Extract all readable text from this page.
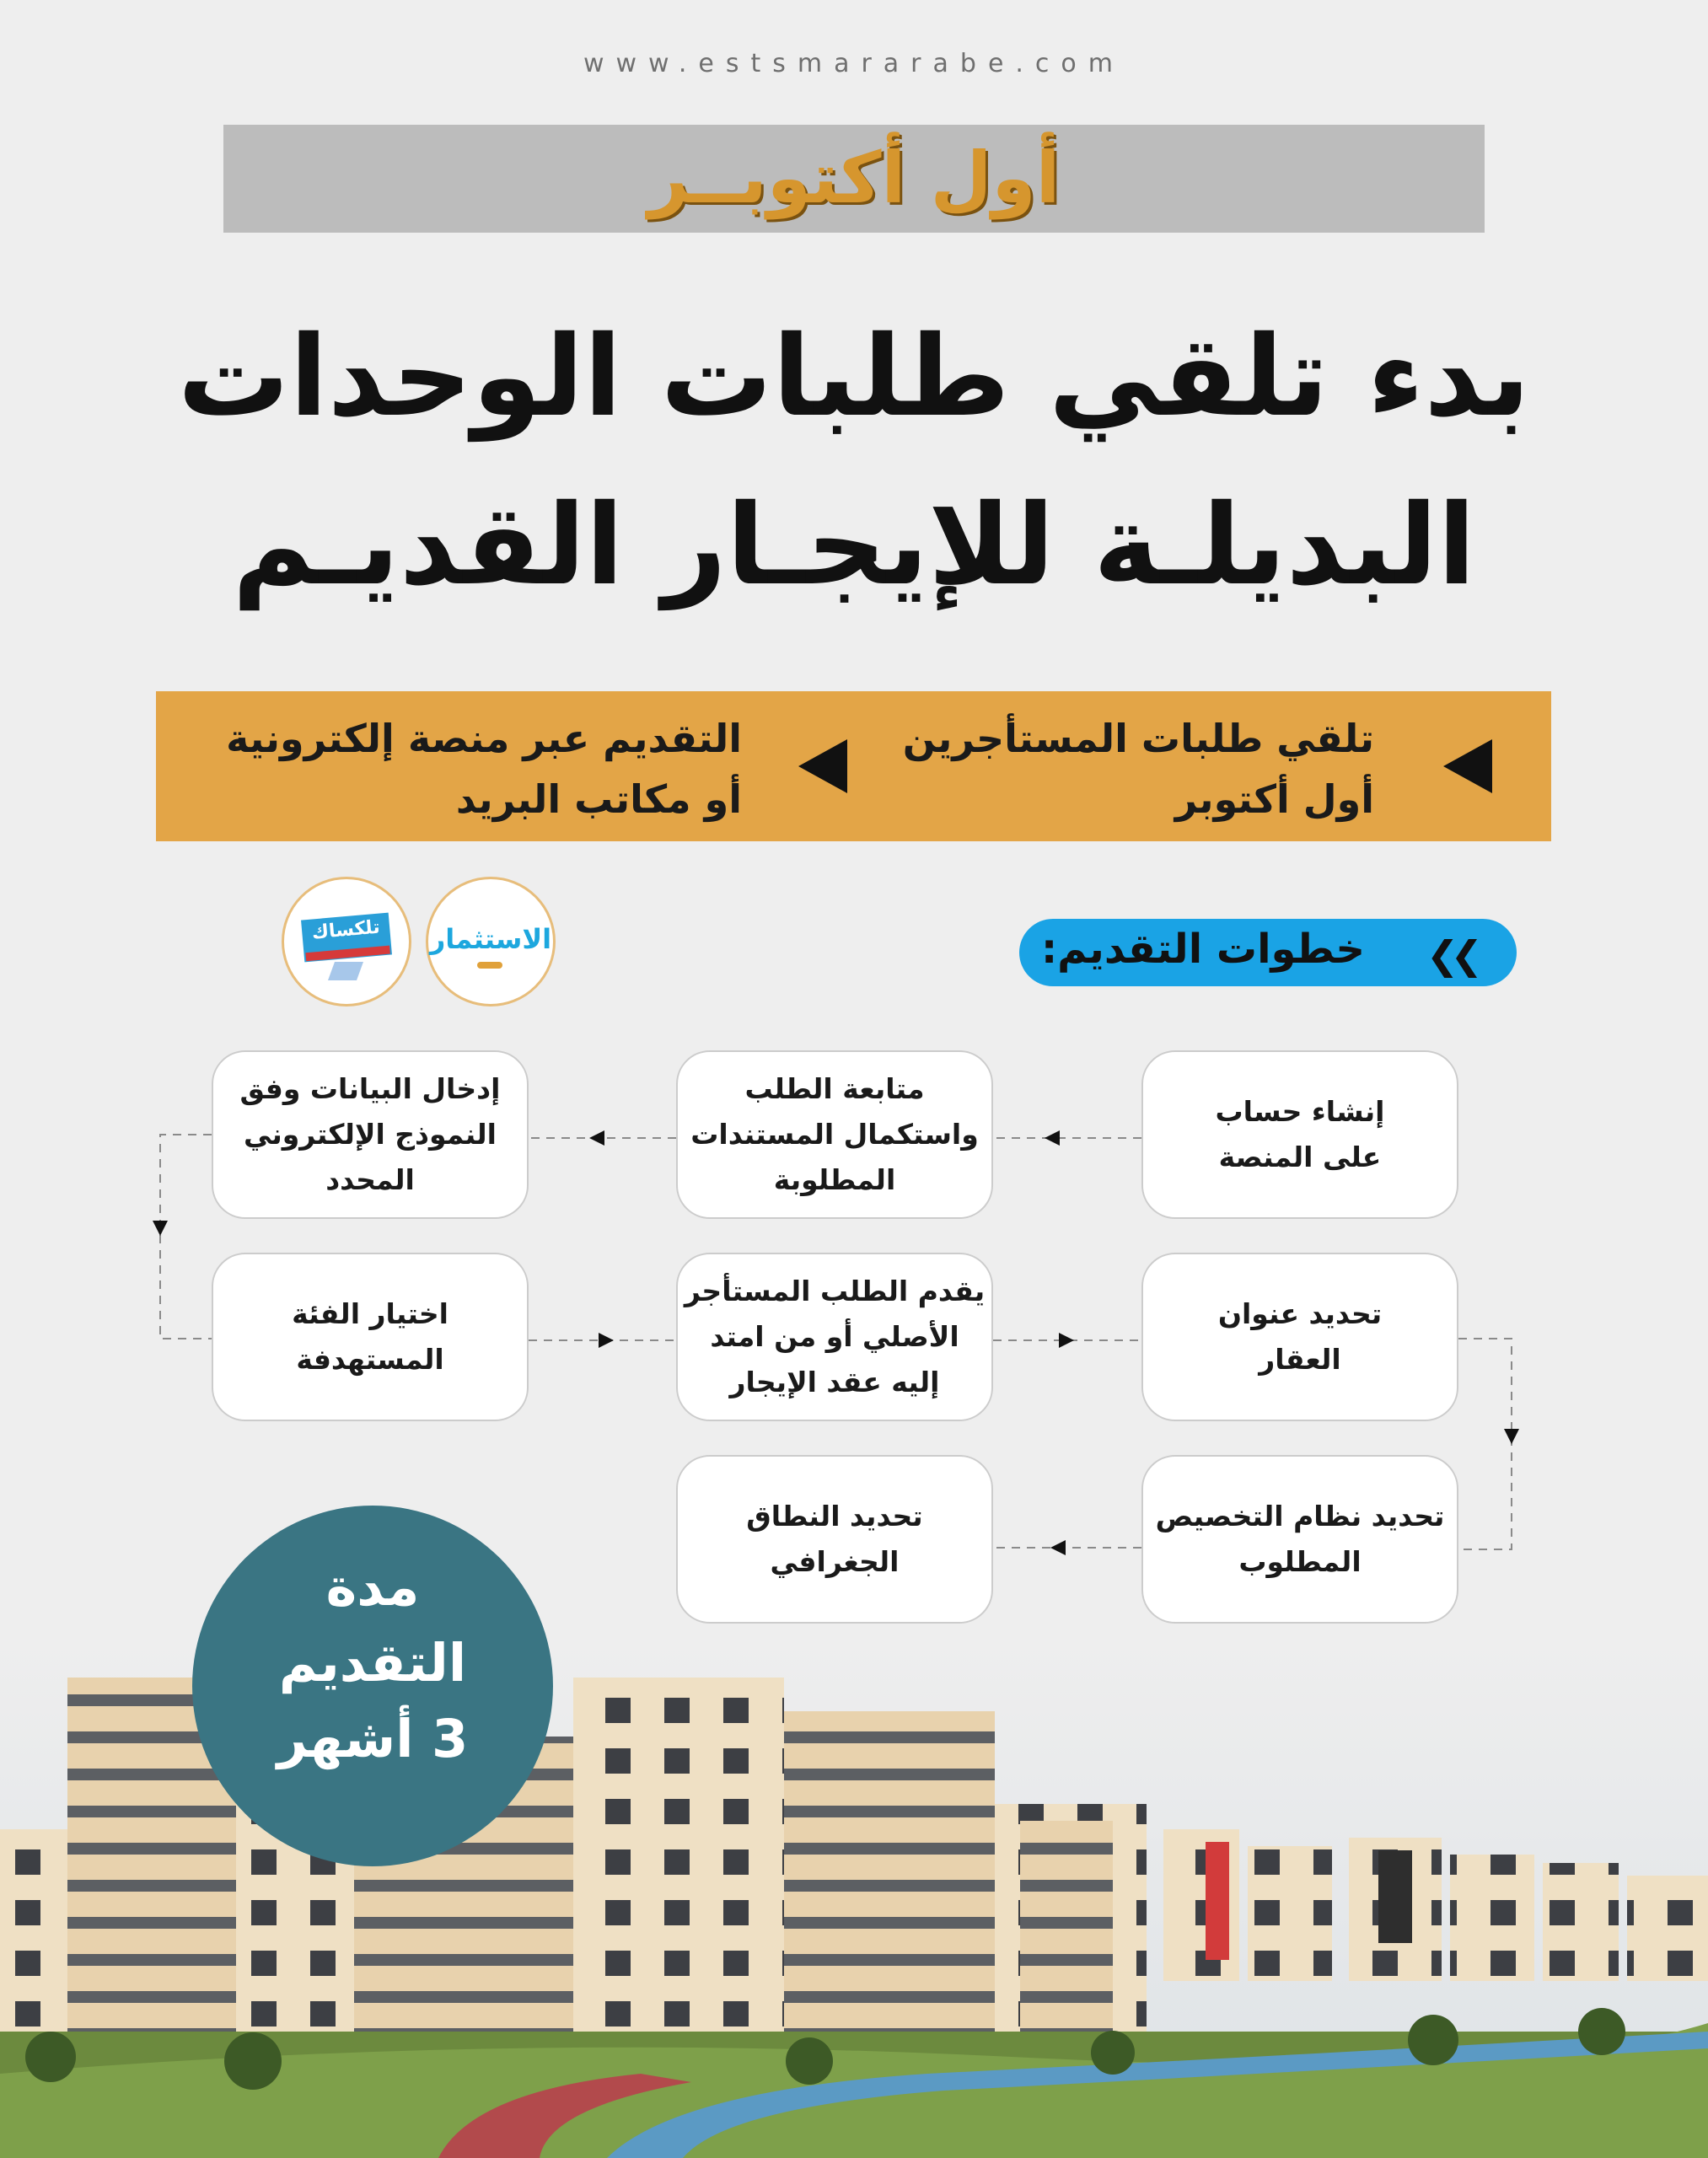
www.estsmararabe.com
أول أكتوبــر
بدء تلقي طلبات الوحدات
البديلـة للإيجـار القديـم
تلقي طلبات المستأجرين
أول أكتوبر
التقديم عبر منصة إلكترونية
أو مكاتب البريد
الاستثمار
تلكساك	خطوات التقديم: ❮❮
إنشاء حساب
على المنصة
متابعة الطلب
واستكمال المستندات
المطلوبة
إدخال البيانات وفق
النموذج الإلكتروني
المحدد
اختيار الفئة
المستهدفة
يقدم الطلب المستأجر
الأصلي أو من امتد
إليه عقد الإيجار
تحديد عنوان
العقار
تحديد نظام التخصيص
المطلوب
تحديد النطاق
الجغرافي
مدة
التقديم
3 أشهر
